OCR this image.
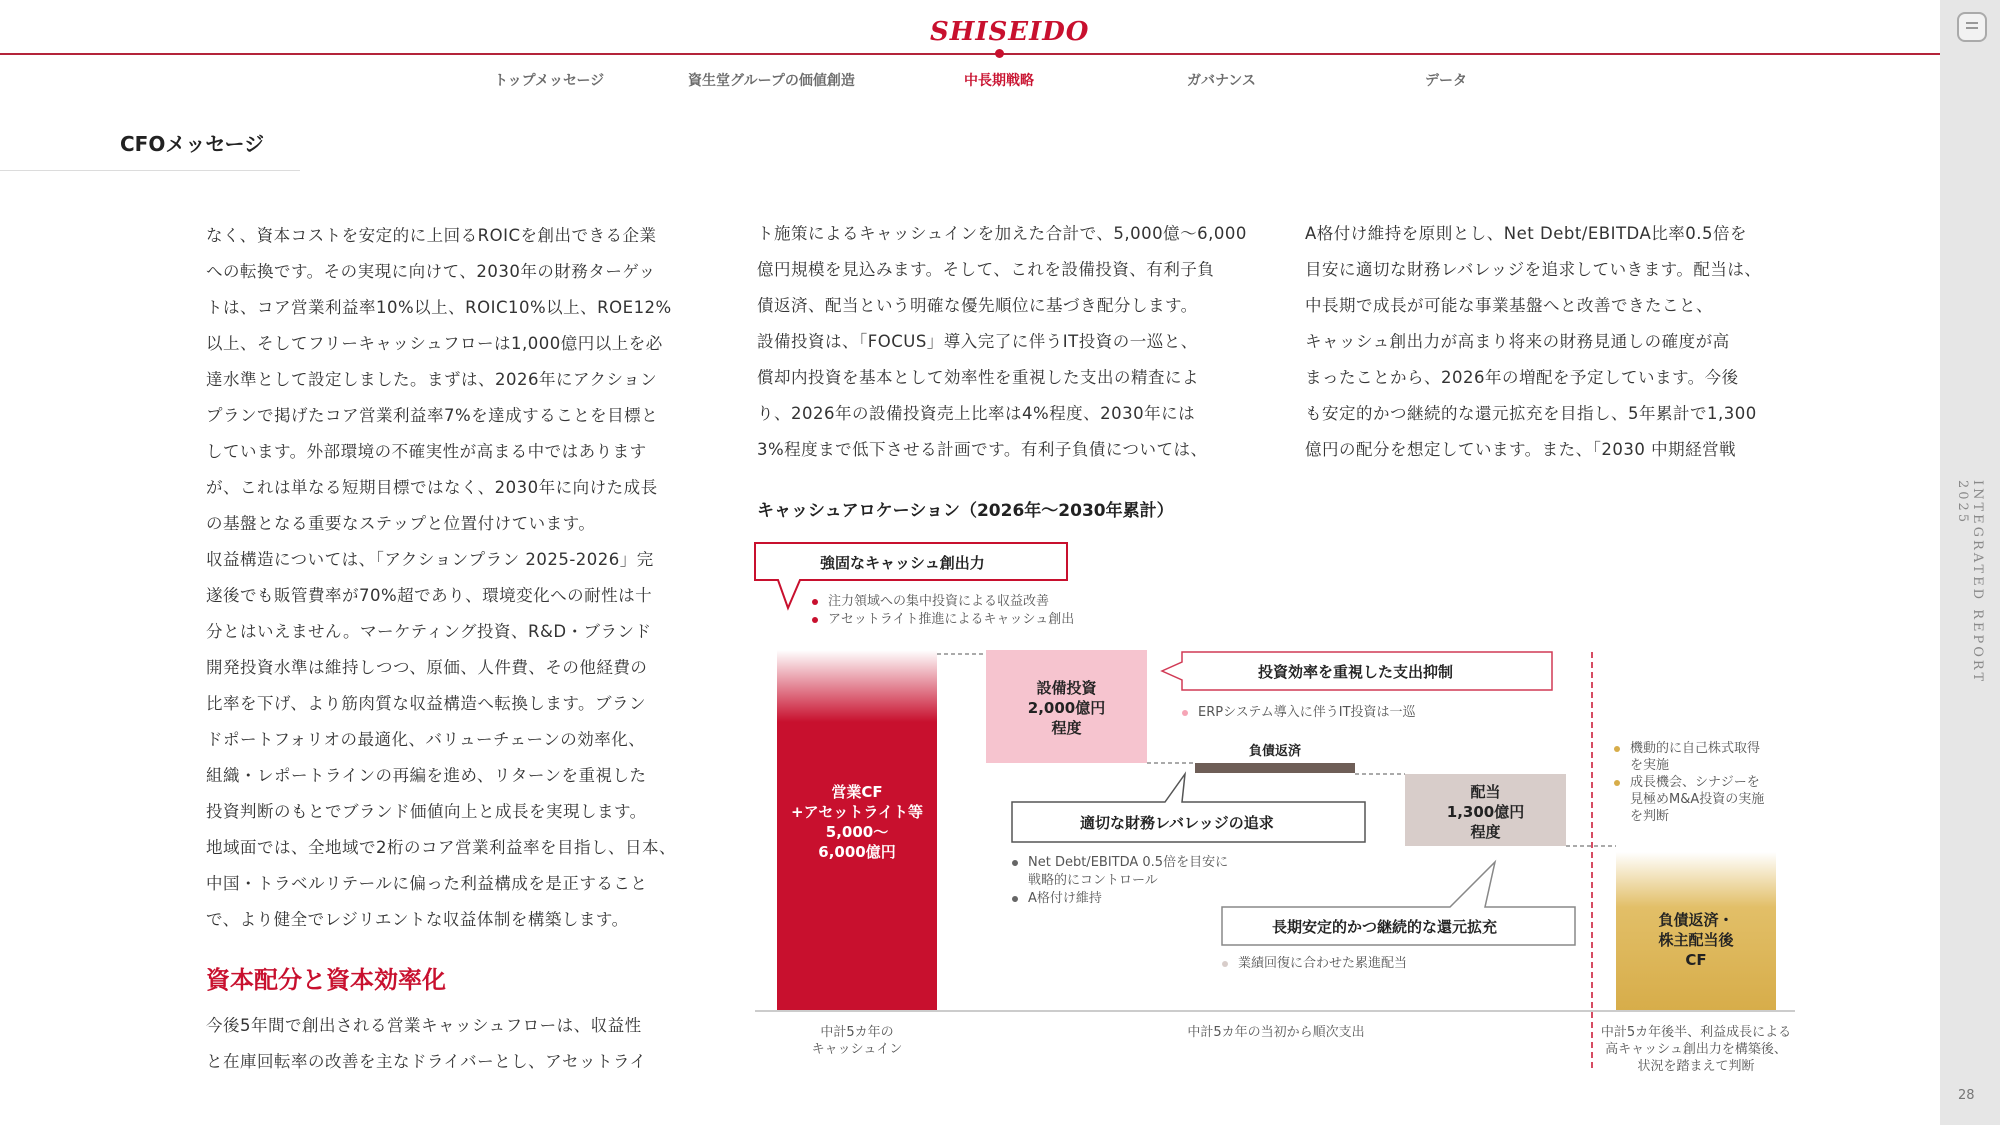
SHISEIDO
トップメッセージ	資生堂グループの価値創造	中長期戦略	ガバナンス	データ
CFOメッセージ
INTEGRATED REPORT 2025
28

なく、資本コストを安定的に上回るROICを創出できる企業

への転換です。その実現に向けて、2030年の財務ターゲッ

トは、コア営業利益率10%以上、ROIC10%以上、ROE12%

以上、そしてフリーキャッシュフローは1,000億円以上を必

達水準として設定しました。まずは、2026年にアクション

プランで掲げたコア営業利益率7%を達成することを目標と

しています。外部環境の不確実性が高まる中ではあります

が、これは単なる短期目標ではなく、2030年に向けた成長

の基盤となる重要なステップと位置付けています。

収益構造については、「アクションプラン 2025-2026」完

遂後でも販管費率が70%超であり、環境変化への耐性は十

分とはいえません。マーケティング投資、R&D・ブランド

開発投資水準は維持しつつ、原価、人件費、その他経費の

比率を下げ、より筋肉質な収益構造へ転換します。ブラン

ドポートフォリオの最適化、バリューチェーンの効率化、

組織・レポートラインの再編を進め、リターンを重視した

投資判断のもとでブランド価値向上と成長を実現します。

地域面では、全地域で2桁のコア営業利益率を目指し、日本、

中国・トラベルリテールに偏った利益構成を是正すること

で、より健全でレジリエントな収益体制を構築します。

資本配分と資本効率化

今後5年間で創出される営業キャッシュフローは、収益性

と在庫回転率の改善を主なドライバーとし、アセットライ

ト施策によるキャッシュインを加えた合計で、5,000億〜6,000

億円規模を見込みます。そして、これを設備投資、有利子負

債返済、配当という明確な優先順位に基づき配分します。

設備投資は、「FOCUS」導入完了に伴うIT投資の一巡と、

償却内投資を基本として効率性を重視した支出の精査によ

り、2026年の設備投資売上比率は4%程度、2030年には

3%程度まで低下させる計画です。有利子負債については、

A格付け維持を原則とし、Net Debt/EBITDA比率0.5倍を

目安に適切な財務レバレッジを追求していきます。配当は、

中長期で成長が可能な事業基盤へと改善できたこと、

キャッシュ創出力が高まり将来の財務見通しの確度が高

まったことから、2026年の増配を予定しています。今後

も安定的かつ継続的な還元拡充を目指し、5年累計で1,300

億円の配分を想定しています。また、「2030 中期経営戦

キャッシュアロケーション（2026年〜2030年累計）
強固なキャッシュ創出力
注力領域への集中投資による収益改善
アセットライト推進によるキャッシュ創出
営業CF
+アセットライト等
5,000〜
6,000億円
設備投資
2,000億円
程度
投資効率を重視した支出抑制
ERPシステム導入に伴うIT投資は一巡
負債返済
適切な財務レバレッジの追求
Net Debt/EBITDA 0.5倍を目安に
戦略的にコントロール
A格付け維持
配当
1,300億円
程度
長期安定的かつ継続的な還元拡充
業績回復に合わせた累進配当
機動的に自己株式取得
を実施
成長機会、シナジーを
見極めM&A投資の実施
を判断
負債返済・
株主配当後
CF
中計5カ年の
キャッシュイン
中計5カ年の当初から順次支出	中計5カ年後半、利益成長による
高キャッシュ創出力を構築後、
状況を踏まえて判断
